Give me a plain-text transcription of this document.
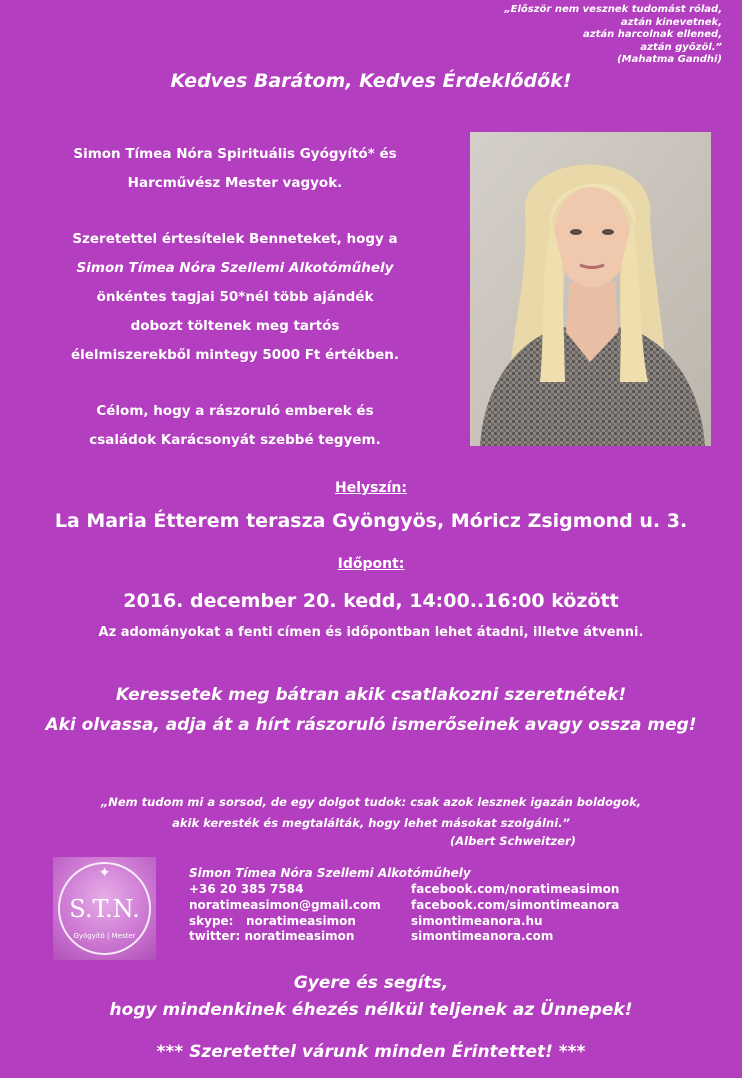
„Először nem vesznek tudomást rólad,
aztán kinevetnek,
aztán harcolnak ellened,
aztán győzöl.”
(Mahatma Gandhi)
Kedves Barátom, Kedves Érdeklődők!

Simon Tímea Nóra Spirituális Gyógyító* és
Harcművész Mester vagyok.

Szeretettel értesítelek Benneteket, hogy a
Simon Tímea Nóra Szellemi Alkotóműhely
önkéntes tagjai 50*nél több ajándék
dobozt töltenek meg tartós
élelmiszerekből mintegy 5000 Ft értékben.

Célom, hogy a rászoruló emberek és
családok Karácsonyát szebbé tegyem.

Helyszín:
La Maria Étterem terasza Gyöngyös, Móricz Zsigmond u. 3.
Időpont:
2016. december 20. kedd, 14:00..16:00 között
Az adományokat a fenti címen és időpontban lehet átadni, illetve átvenni.
Keressetek meg bátran akik csatlakozni szeretnétek!
Aki olvassa, adja át a hírt rászoruló ismerőseinek avagy ossza meg!
„Nem tudom mi a sorsod, de egy dolgot tudok: csak azok lesznek igazán boldogok,
akik keresték és megtalálták, hogy lehet másokat szolgálni.”
(Albert Schweitzer)
✦
S.T.N.
Gyógyító | Mester
Simon Tímea Nóra Szellemi Alkotóműhely
+36 20 385 7584
noratimeasimon@gmail.com
skype:   noratimeasimon
twitter: noratimeasimon
facebook.com/noratimeasimon
facebook.com/simontimeanora
simontimeanora.hu
simontimeanora.com
Gyere és segíts,
hogy mindenkinek éhezés nélkül teljenek az Ünnepek!
*** Szeretettel várunk minden Érintettet! ***
